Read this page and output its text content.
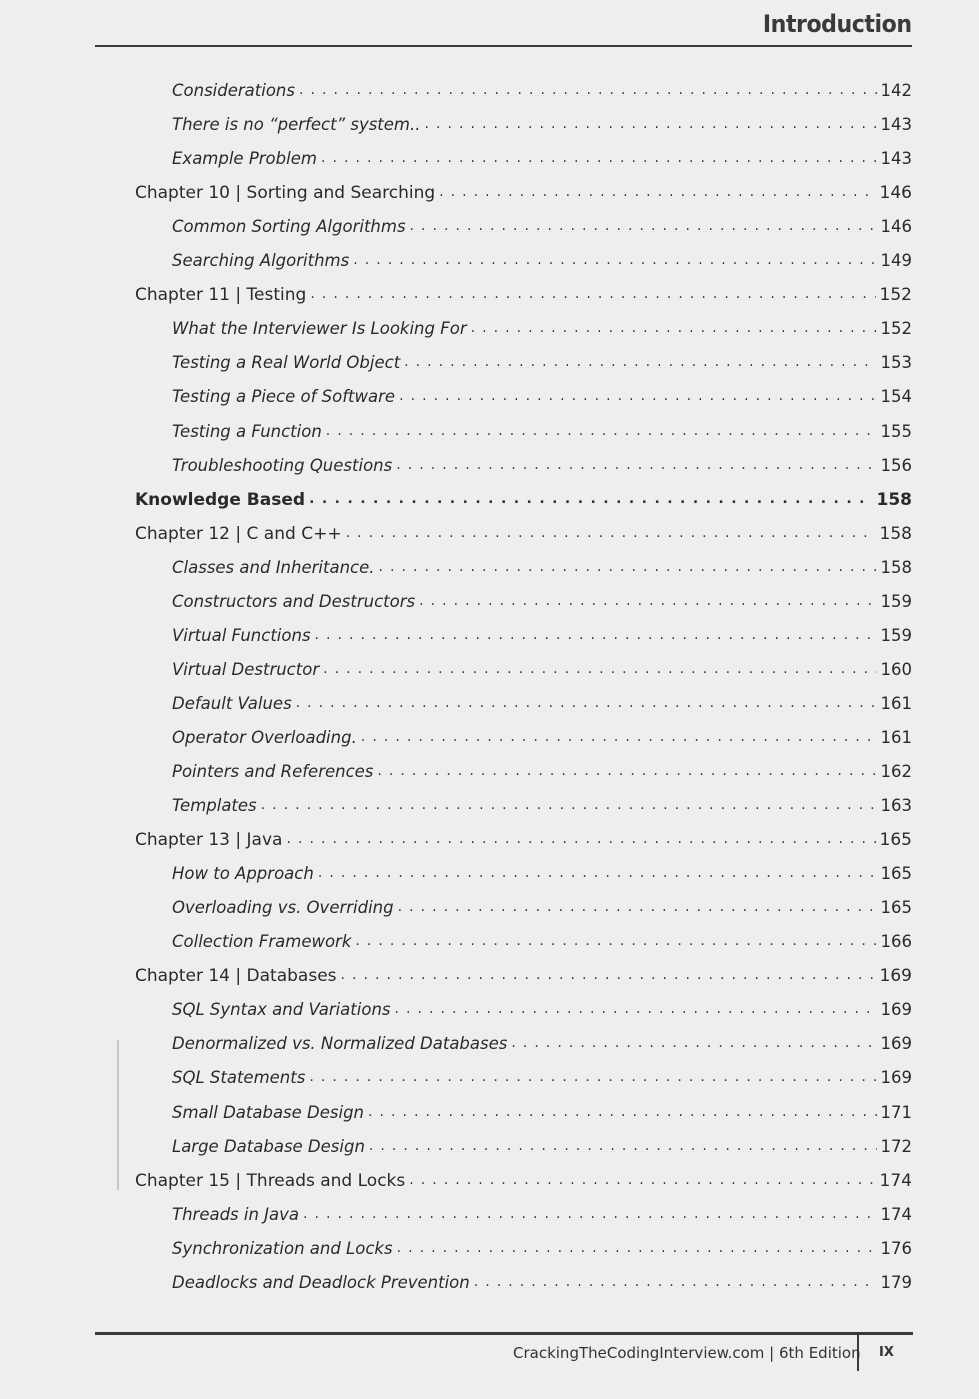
Introduction
Considerations . . .	142
There is no “perfect” system.. . . .	143
Example Problem . . .	143
Chapter 10 | Sorting and Searching . . .	146
Common Sorting Algorithms . . .	146
Searching Algorithms . . .	149
Chapter 11 | Testing . . .	152
What the Interviewer Is Looking For . . .	152
Testing a Real World Object . . .	153
Testing a Piece of Software . . .	154
Testing a Function . . .	155
Troubleshooting Questions . . .	156
Knowledge Based . . .	158
Chapter 12 | C and C++ . . .	158
Classes and Inheritance. . . .	158
Constructors and Destructors . . .	159
Virtual Functions . . .	159
Virtual Destructor . . .	160
Default Values . . .	161
Operator Overloading. . . .	161
Pointers and References . . .	162
Templates . . .	163
Chapter 13 | Java . . .	165
How to Approach . . .	165
Overloading vs. Overriding . . .	165
Collection Framework . . .	166
Chapter 14 | Databases . . .	169
SQL Syntax and Variations . . .	169
Denormalized vs. Normalized Databases . . .	169
SQL Statements . . .	169
Small Database Design . . .	171
Large Database Design . . .	172
Chapter 15 | Threads and Locks . . .	174
Threads in Java . . .	174
Synchronization and Locks . . .	176
Deadlocks and Deadlock Prevention . . .	179
CrackingTheCodingInterview.com | 6th Edition IX
